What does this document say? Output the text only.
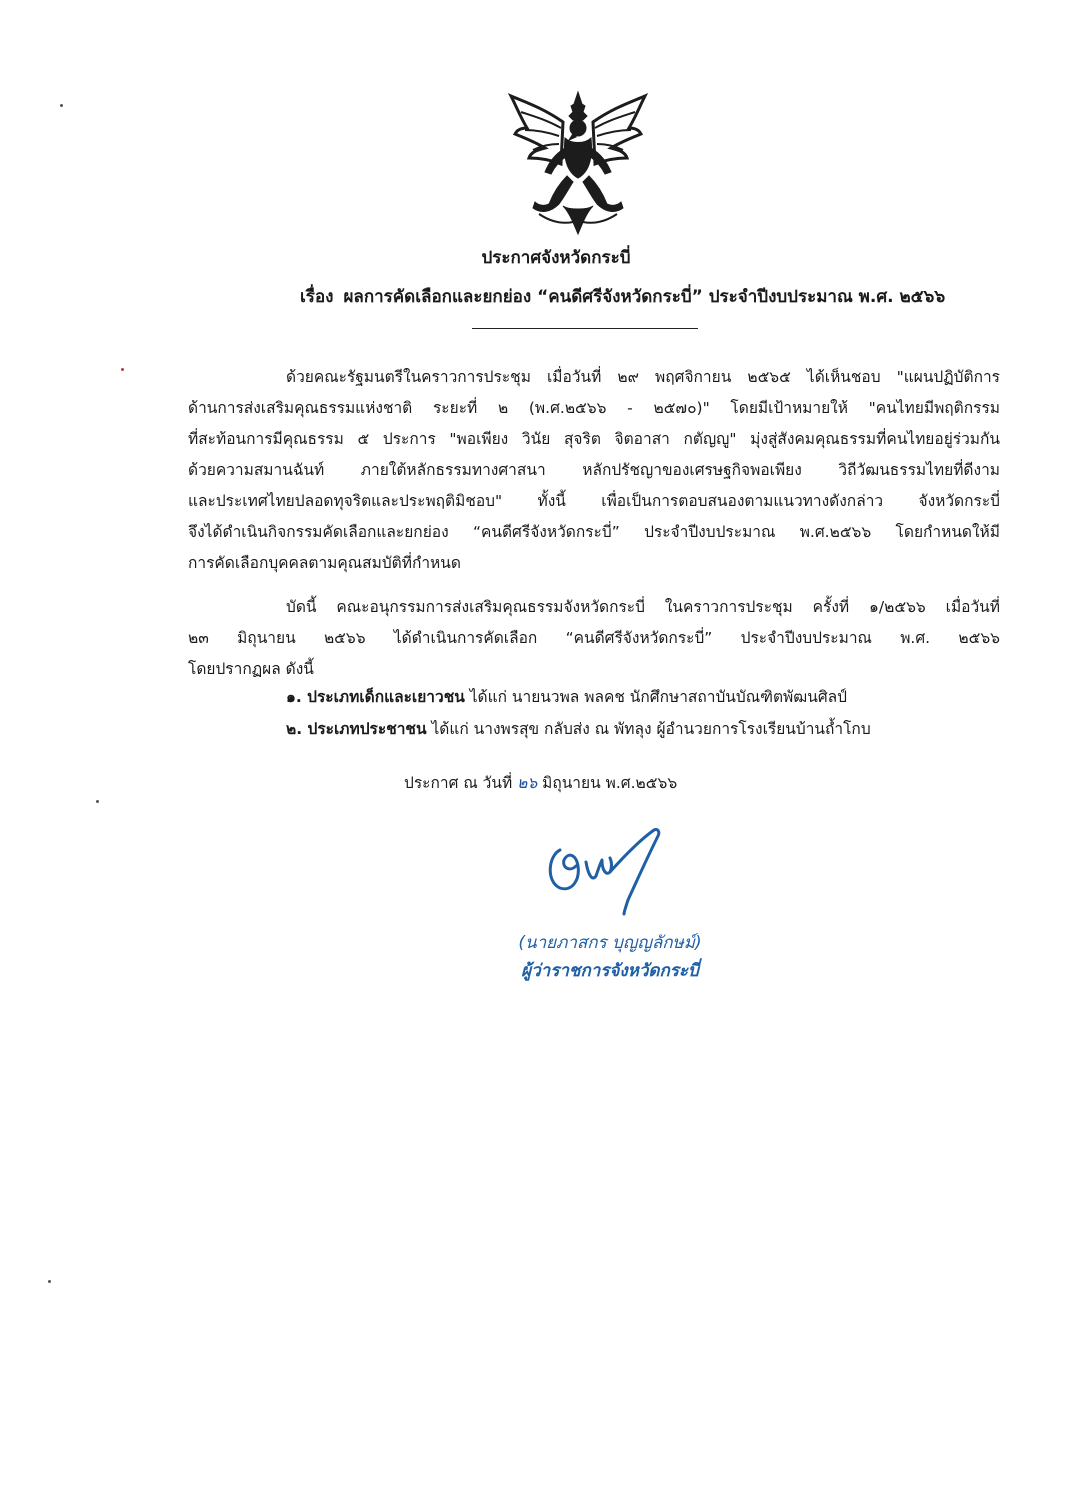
ประกาศจังหวัดกระบี่
เรื่อง ผลการคัดเลือกและยกย่อง “คนดีศรีจังหวัดกระบี่” ประจำปีงบประมาณ พ.ศ. ๒๕๖๖
ด้วยคณะรัฐมนตรีในคราวการประชุม เมื่อวันที่ ๒๙ พฤศจิกายน ๒๕๖๕ ได้เห็นชอบ "แผนปฏิบัติการ
ด้านการส่งเสริมคุณธรรมแห่งชาติ ระยะที่ ๒ (พ.ศ.๒๕๖๖ - ๒๕๗๐)" โดยมีเป้าหมายให้ "คนไทยมีพฤติกรรม
ที่สะท้อนการมีคุณธรรม ๕ ประการ "พอเพียง วินัย สุจริต จิตอาสา กตัญญู" มุ่งสู่สังคมคุณธรรมที่คนไทยอยู่ร่วมกัน
ด้วยความสมานฉันท์ ภายใต้หลักธรรมทางศาสนา หลักปรัชญาของเศรษฐกิจพอเพียง วิถีวัฒนธรรมไทยที่ดีงาม
และประเทศไทยปลอดทุจริตและประพฤติมิชอบ" ทั้งนี้ เพื่อเป็นการตอบสนองตามแนวทางดังกล่าว จังหวัดกระบี่
จึงได้ดำเนินกิจกรรมคัดเลือกและยกย่อง “คนดีศรีจังหวัดกระบี่” ประจำปีงบประมาณ พ.ศ.๒๕๖๖ โดยกำหนดให้มี
การคัดเลือกบุคคลตามคุณสมบัติที่กำหนด
บัดนี้ คณะอนุกรรมการส่งเสริมคุณธรรมจังหวัดกระบี่ ในคราวการประชุม ครั้งที่ ๑/๒๕๖๖ เมื่อวันที่
๒๓ มิถุนายน ๒๕๖๖ ได้ดำเนินการคัดเลือก “คนดีศรีจังหวัดกระบี่” ประจำปีงบประมาณ พ.ศ. ๒๕๖๖
โดยปรากฏผล ดังนี้
๑. ประเภทเด็กและเยาวชน ได้แก่ นายนวพล พลคช นักศึกษาสถาบันบัณฑิตพัฒนศิลป์
๒. ประเภทประชาชน ได้แก่ นางพรสุข กลับส่ง ณ พัทลุง ผู้อำนวยการโรงเรียนบ้านถ้ำโกบ
ประกาศ ณ วันที่ ๒๖ มิถุนายน พ.ศ.๒๕๖๖
(นายภาสกร บุญญลักษม์)
ผู้ว่าราชการจังหวัดกระบี่
